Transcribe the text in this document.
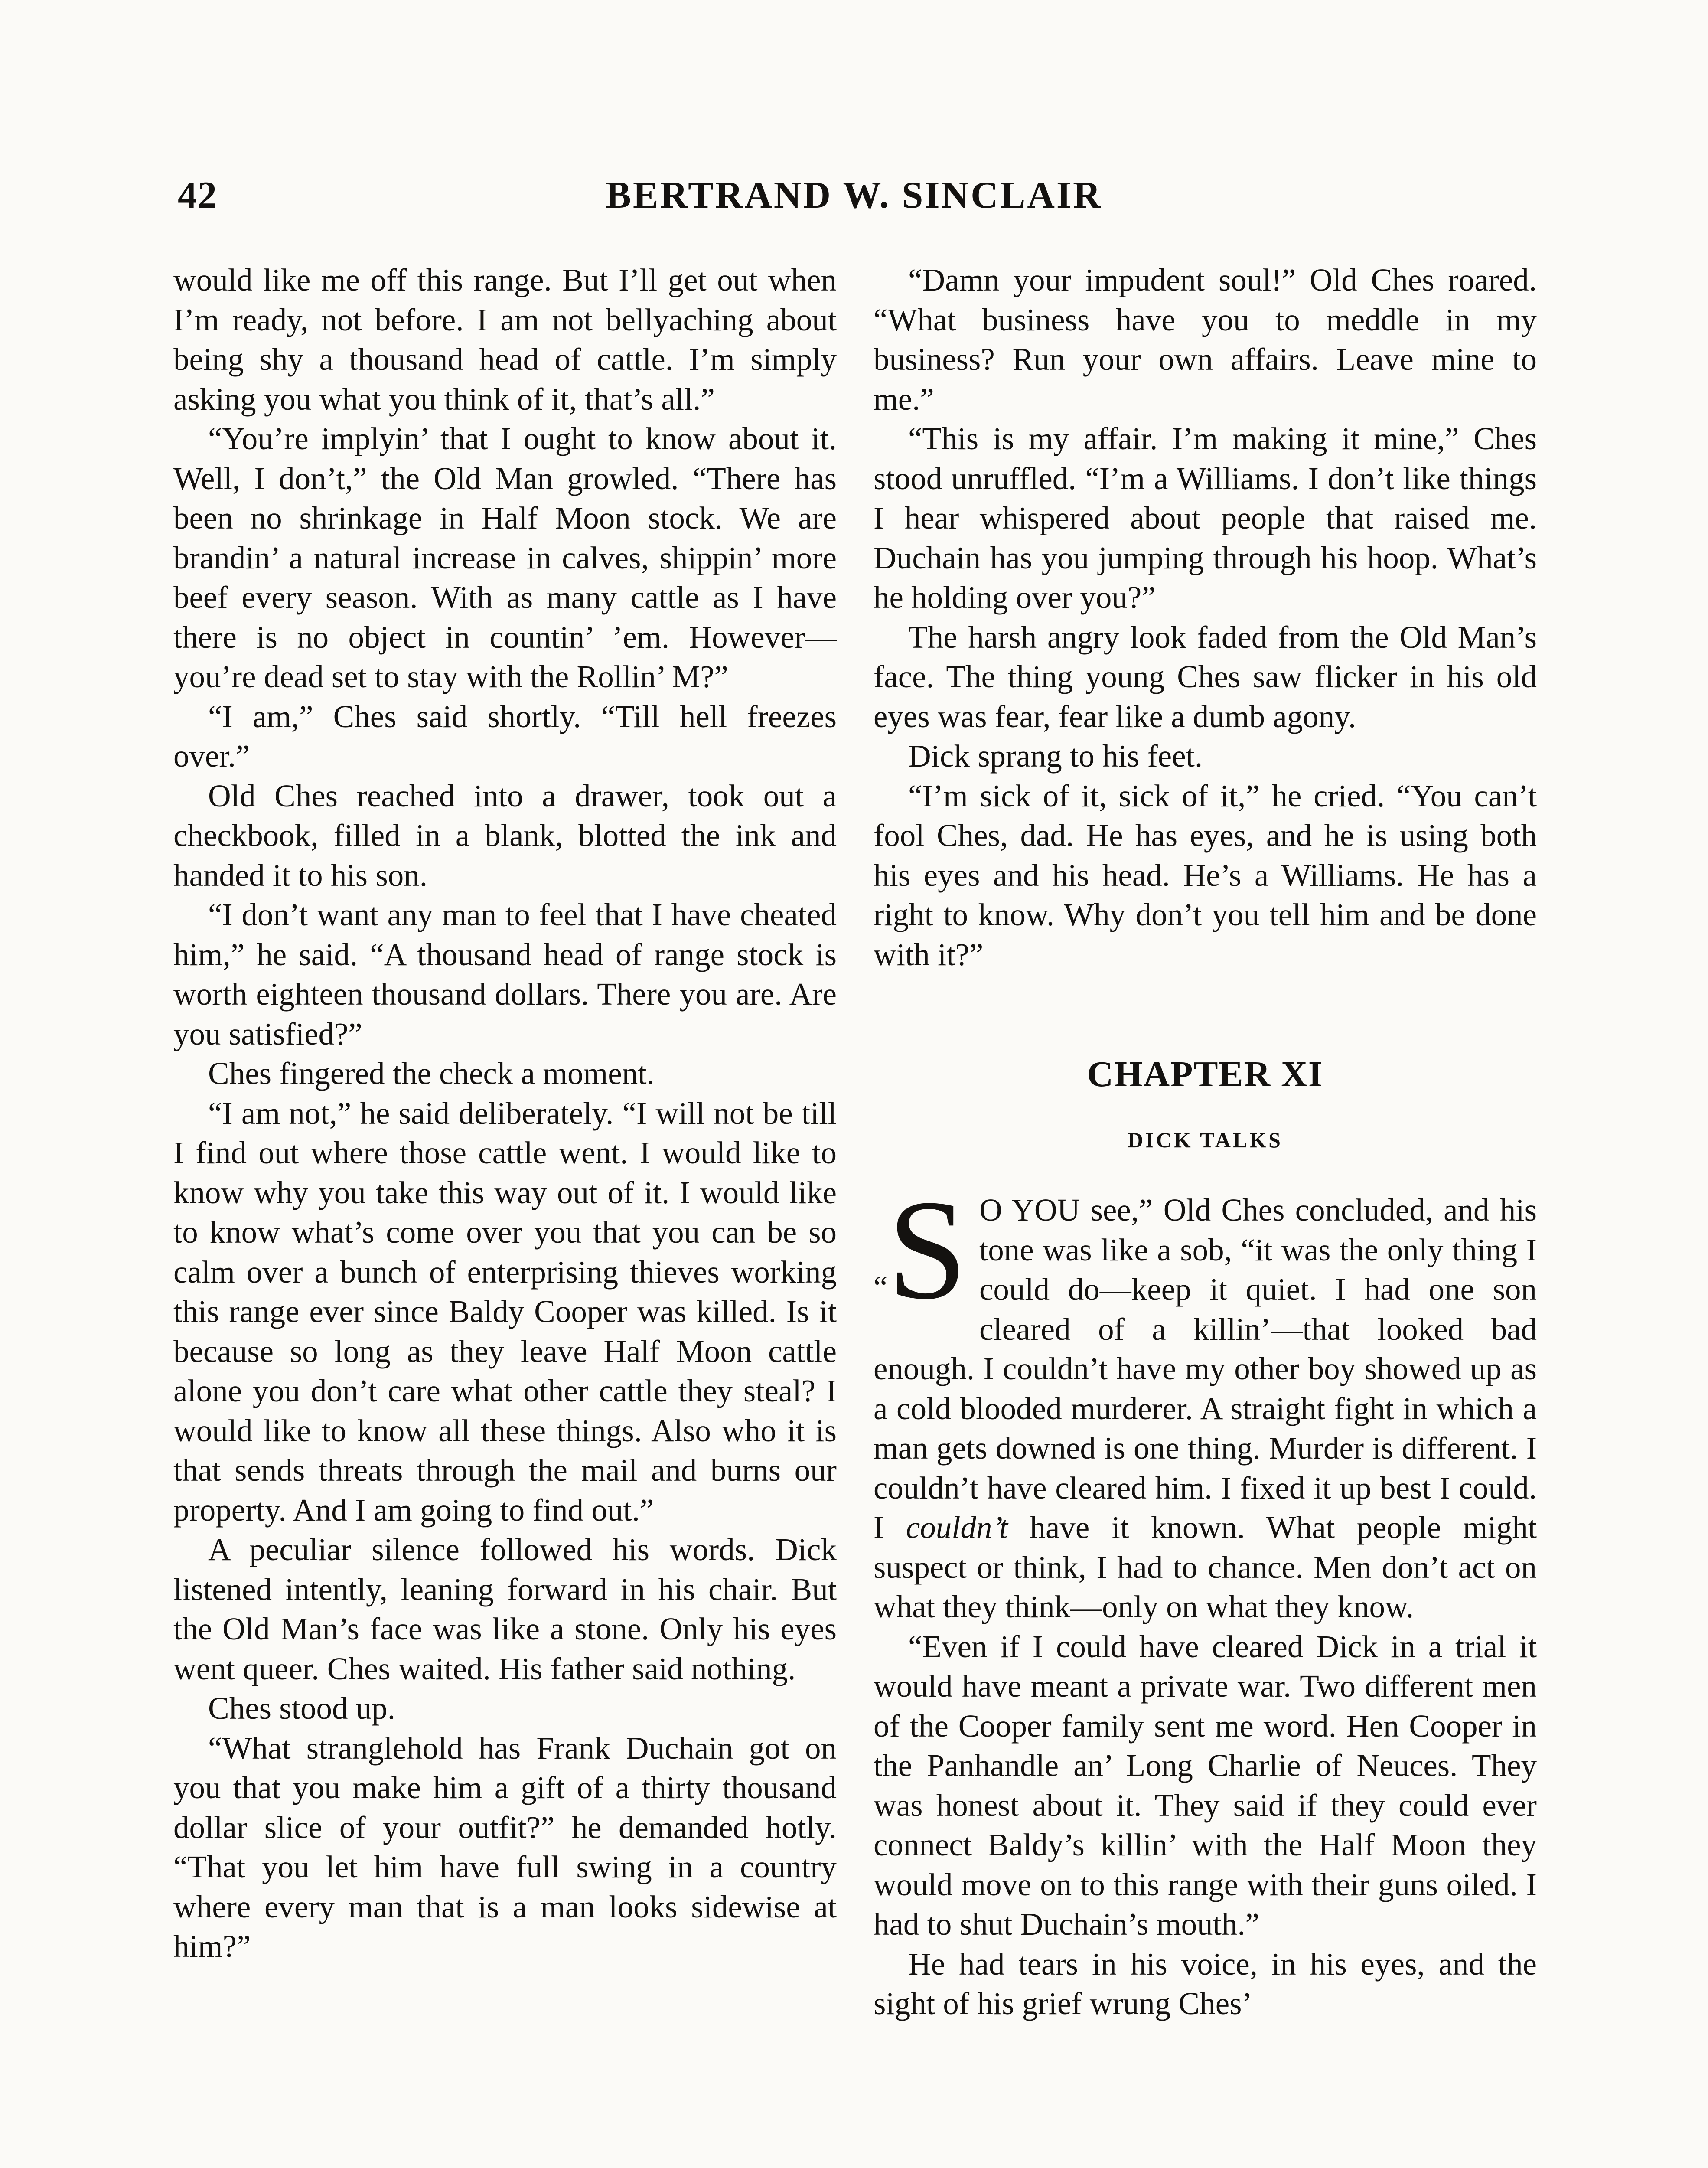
42	BERTRAND W. SINCLAIR

would like me off this range. But I’ll get out when I’m ready, not before. I am not bellyaching about being shy a thousand head of cattle. I’m simply asking you what you think of it, that’s all.”

“You’re implyin’ that I ought to know about it. Well, I don’t,” the Old Man growled. “There has been no shrinkage in Half Moon stock. We are brandin’ a natural increase in calves, shippin’ more beef every season. With as many cattle as I have there is no object in countin’ ’em. However—you’re dead set to stay with the Rollin’ M?”

“I am,” Ches said shortly. “Till hell freezes over.”

Old Ches reached into a drawer, took out a checkbook, filled in a blank, blotted the ink and handed it to his son.

“I don’t want any man to feel that I have cheated him,” he said. “A thousand head of range stock is worth eighteen thousand dollars. There you are. Are you satisfied?”

Ches fingered the check a moment.

“I am not,” he said deliberately. “I will not be till I find out where those cattle went. I would like to know why you take this way out of it. I would like to know what’s come over you that you can be so calm over a bunch of enterprising thieves working this range ever since Baldy Cooper was killed. Is it because so long as they leave Half Moon cattle alone you don’t care what other cattle they steal? I would like to know all these things. Also who it is that sends threats through the mail and burns our property. And I am going to find out.”

A peculiar silence followed his words. Dick listened intently, leaning forward in his chair. But the Old Man’s face was like a stone. Only his eyes went queer. Ches waited. His father said nothing.

Ches stood up.

“What stranglehold has Frank Duchain got on you that you make him a gift of a thirty thousand dollar slice of your outfit?” he demanded hotly. “That you let him have full swing in a country where every man that is a man looks sidewise at him?”

“Damn your impudent soul!” Old Ches roared. “What business have you to meddle in my business? Run your own affairs. Leave mine to me.”

“This is my affair. I’m making it mine,” Ches stood unruffled. “I’m a Williams. I don’t like things I hear whispered about people that raised me. Duchain has you jumping through his hoop. What’s he holding over you?”

The harsh angry look faded from the Old Man’s face. The thing young Ches saw flicker in his old eyes was fear, fear like a dumb agony.

Dick sprang to his feet.

“I’m sick of it, sick of it,” he cried. “You can’t fool Ches, dad. He has eyes, and he is using both his eyes and his head. He’s a Williams. He has a right to know. Why don’t you tell him and be done with it?”

CHAPTER XI
DICK TALKS

“S O YOU see,” Old Ches concluded, and his tone was like a sob, “it was the only thing I could do—keep it quiet. I had one son cleared of a killin’—that looked bad enough. I couldn’t have my other boy showed up as a cold blooded murderer. A straight fight in which a man gets downed is one thing. Murder is different. I couldn’t have cleared him. I fixed it up best I could. I couldn’t have it known. What people might suspect or think, I had to chance. Men don’t act on what they think—only on what they know.

“Even if I could have cleared Dick in a trial it would have meant a private war. Two different men of the Cooper family sent me word. Hen Cooper in the Panhandle an’ Long Charlie of Neuces. They was honest about it. They said if they could ever connect Baldy’s killin’ with the Half Moon they would move on to this range with their guns oiled. I had to shut Duchain’s mouth.”

He had tears in his voice, in his eyes, and the sight of his grief wrung Ches’
